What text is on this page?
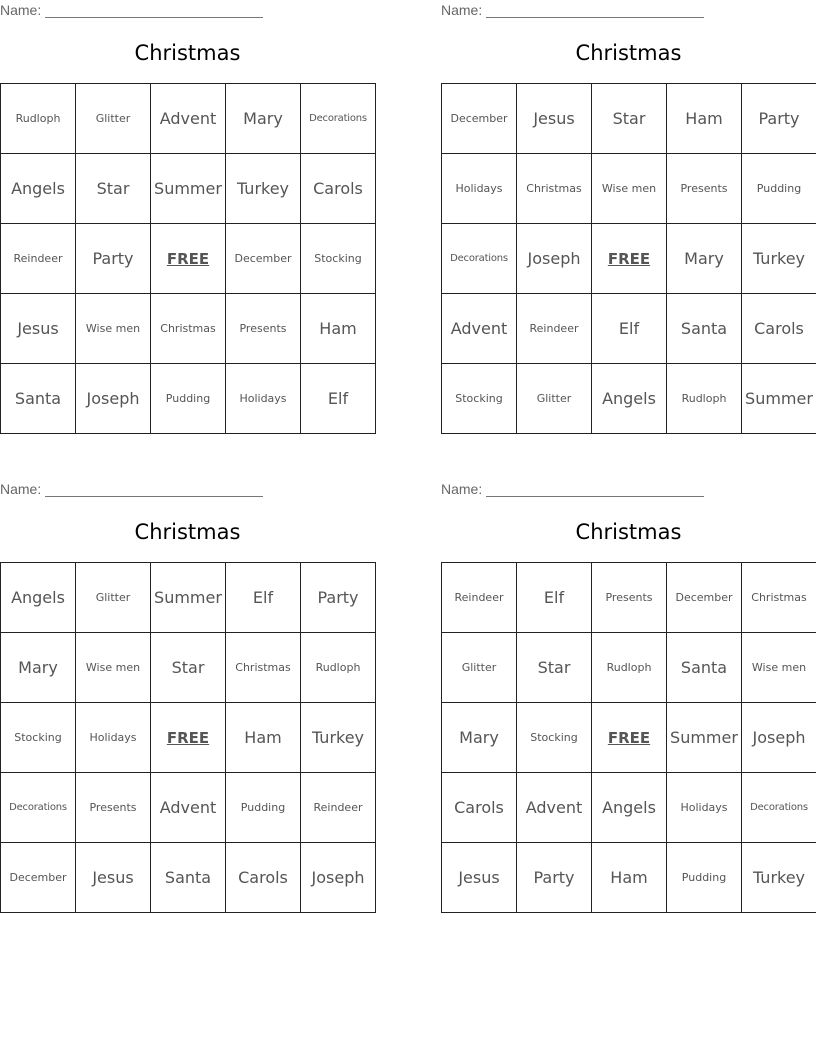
Name:
Christmas
Rudloph	Glitter	Advent	Mary	Decorations
Angels	Star	Summer	Turkey	Carols
Reindeer	Party	FREE	December	Stocking
Jesus	Wise men	Christmas	Presents	Ham
Santa	Joseph	Pudding	Holidays	Elf
Name:
Christmas
December	Jesus	Star	Ham	Party
Holidays	Christmas	Wise men	Presents	Pudding
Decorations	Joseph	FREE	Mary	Turkey
Advent	Reindeer	Elf	Santa	Carols
Stocking	Glitter	Angels	Rudloph	Summer
Name:
Christmas
Angels	Glitter	Summer	Elf	Party
Mary	Wise men	Star	Christmas	Rudloph
Stocking	Holidays	FREE	Ham	Turkey
Decorations	Presents	Advent	Pudding	Reindeer
December	Jesus	Santa	Carols	Joseph
Name:
Christmas
Reindeer	Elf	Presents	December	Christmas
Glitter	Star	Rudloph	Santa	Wise men
Mary	Stocking	FREE	Summer	Joseph
Carols	Advent	Angels	Holidays	Decorations
Jesus	Party	Ham	Pudding	Turkey
